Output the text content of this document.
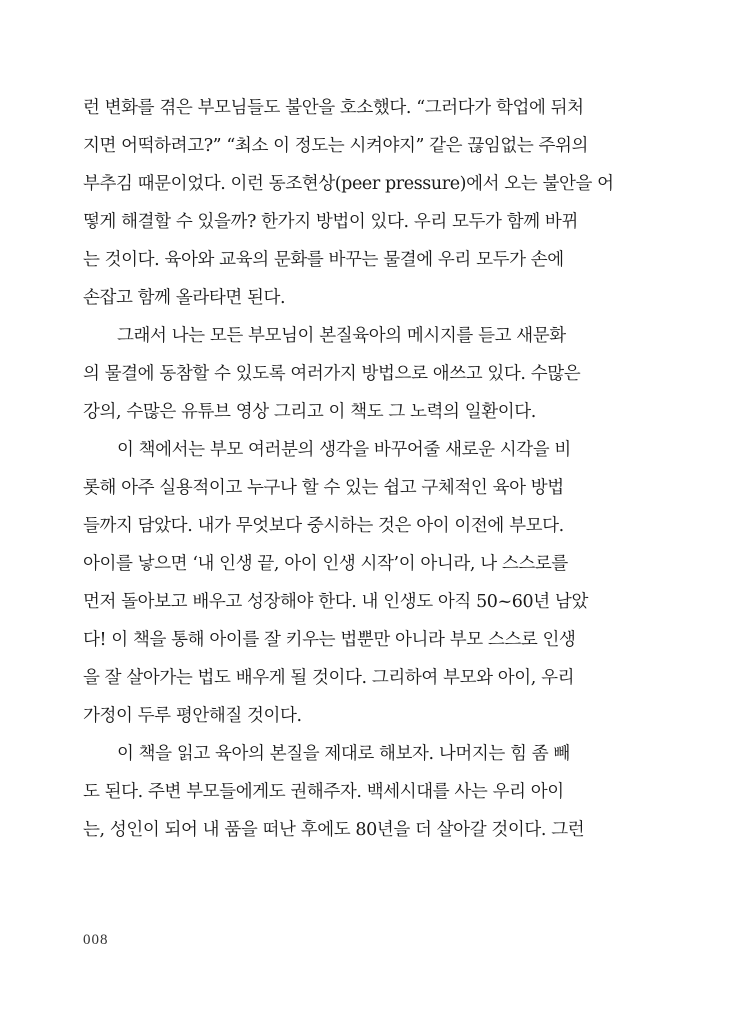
런 변화를 겪은 부모님들도 불안을 호소했다. “그러다가 학업에 뒤처
지면 어떡하려고?” “최소 이 정도는 시켜야지” 같은 끊임없는 주위의
부추김 때문이었다. 이런 동조현상(peer pressure)에서 오는 불안을 어
떻게 해결할 수 있을까? 한가지 방법이 있다. 우리 모두가 함께 바뀌
는 것이다. 육아와 교육의 문화를 바꾸는 물결에 우리 모두가 손에
손잡고 함께 올라타면 된다.
그래서 나는 모든 부모님이 본질육아의 메시지를 듣고 새문화
의 물결에 동참할 수 있도록 여러가지 방법으로 애쓰고 있다. 수많은
강의, 수많은 유튜브 영상 그리고 이 책도 그 노력의 일환이다.
이 책에서는 부모 여러분의 생각을 바꾸어줄 새로운 시각을 비
롯해 아주 실용적이고 누구나 할 수 있는 쉽고 구체적인 육아 방법
들까지 담았다. 내가 무엇보다 중시하는 것은 아이 이전에 부모다.
아이를 낳으면 ‘내 인생 끝, 아이 인생 시작’이 아니라, 나 스스로를
먼저 돌아보고 배우고 성장해야 한다. 내 인생도 아직 50~60년 남았
다! 이 책을 통해 아이를 잘 키우는 법뿐만 아니라 부모 스스로 인생
을 잘 살아가는 법도 배우게 될 것이다. 그리하여 부모와 아이, 우리
가정이 두루 평안해질 것이다.
이 책을 읽고 육아의 본질을 제대로 해보자. 나머지는 힘 좀 빼
도 된다. 주변 부모들에게도 권해주자. 백세시대를 사는 우리 아이
는, 성인이 되어 내 품을 떠난 후에도 80년을 더 살아갈 것이다. 그런
008
